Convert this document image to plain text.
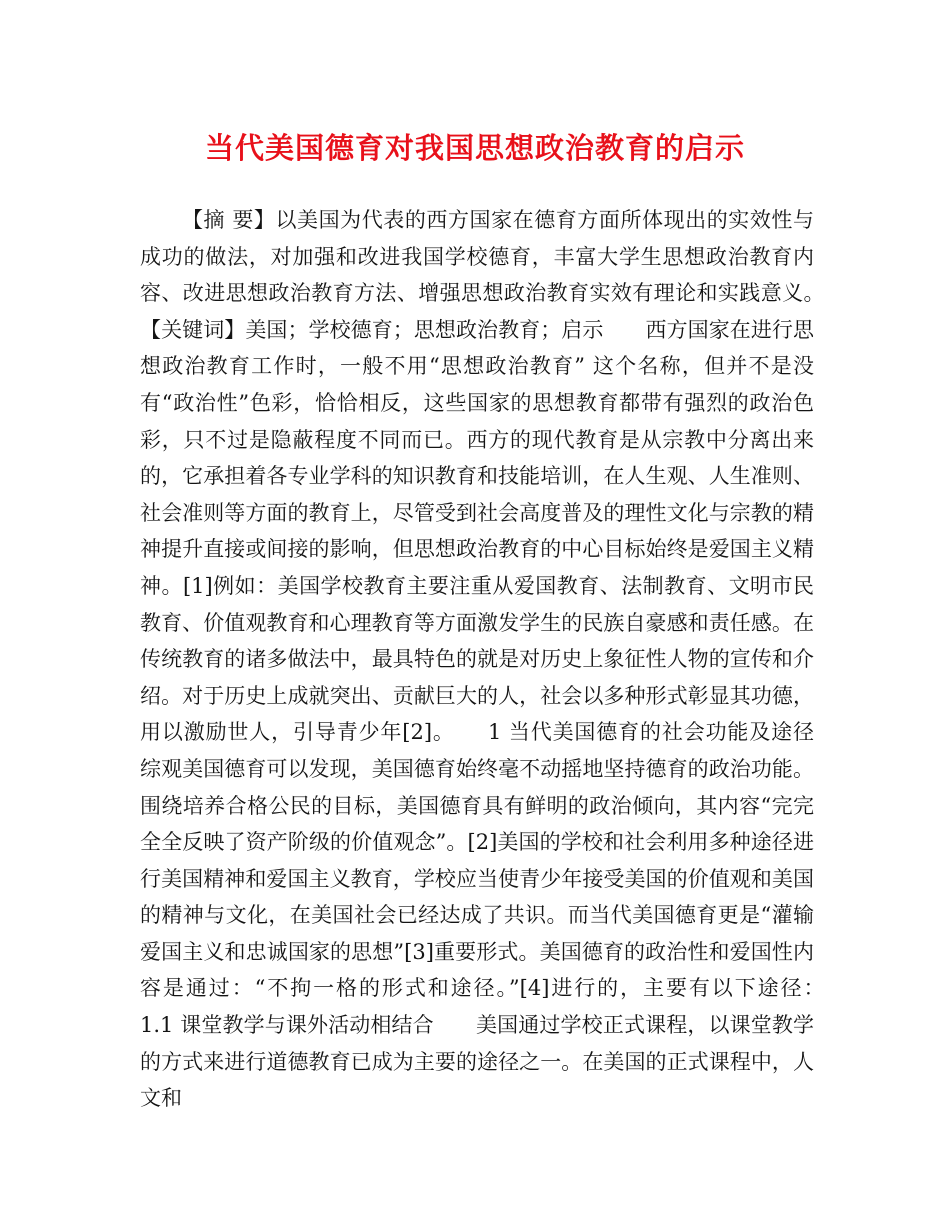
当代美国德育对我国思想政治教育的启示

【摘 要】以美国为代表的西方国家在德育方面所体现出的实效性与成功的做法，对加强和改进我国学校德育，丰富大学生思想政治教育内容、改进思想政治教育方法、增强思想政治教育实效有理论和实践意义。　　【关键词】美国；学校德育；思想政治教育；启示　　西方国家在进行思想政治教育工作时，一般不用“思想政治教育” 这个名称，但并不是没有“政治性”色彩，恰恰相反，这些国家的思想教育都带有强烈的政治色彩，只不过是隐蔽程度不同而已。西方的现代教育是从宗教中分离出来的，它承担着各专业学科的知识教育和技能培训，在人生观、人生准则、社会准则等方面的教育上，尽管受到社会高度普及的理性文化与宗教的精神提升直接或间接的影响，但思想政治教育的中心目标始终是爱国主义精神。[1]例如：美国学校教育主要注重从爱国教育、法制教育、文明市民教育、价值观教育和心理教育等方面激发学生的民族自豪感和责任感。在传统教育的诸多做法中，最具特色的就是对历史上象征性人物的宣传和介绍。对于历史上成就突出、贡献巨大的人，社会以多种形式彰显其功德，用以激励世人，引导青少年[2]。　　1 当代美国德育的社会功能及途径　　综观美国德育可以发现，美国德育始终毫不动摇地坚持德育的政治功能。围绕培养合格公民的目标，美国德育具有鲜明的政治倾向，其内容“完完全全反映了资产阶级的价值观念”。[2]美国的学校和社会利用多种途径进行美国精神和爱国主义教育，学校应当使青少年接受美国的价值观和美国的精神与文化，在美国社会已经达成了共识。而当代美国德育更是“灌输爱国主义和忠诚国家的思想”[3]重要形式。美国德育的政治性和爱国性内容是通过：“不拘一格的形式和途径。”[4]进行的，主要有以下途径：　　1.1 课堂教学与课外活动相结合　　美国通过学校正式课程，以课堂教学的方式来进行道德教育已成为主要的途径之一。在美国的正式课程中，人文和
